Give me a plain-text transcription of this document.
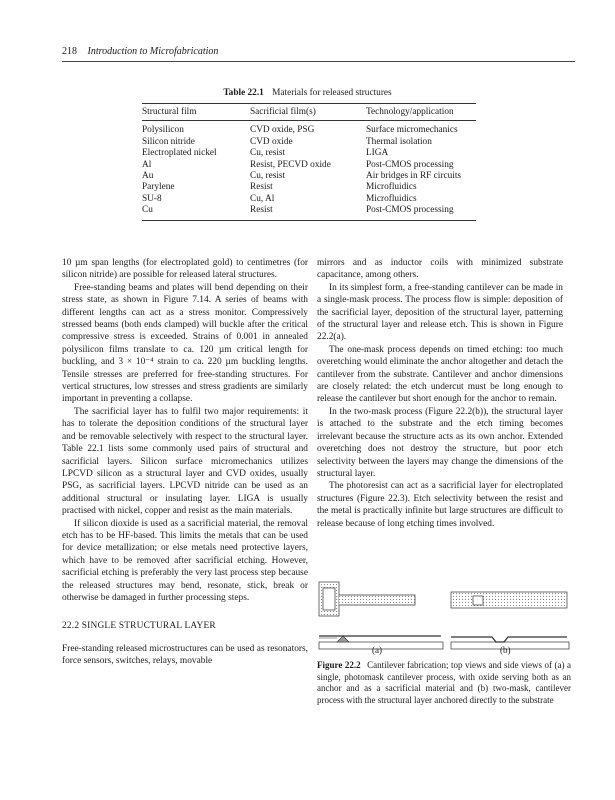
218 Introduction to Microfabrication
Table 22.1 Materials for released structures
Structural film	Sacrificial film(s)	Technology/application
Polysilicon	CVD oxide, PSG	Surface micromechanics
Silicon nitride	CVD oxide	Thermal isolation
Electroplated nickel	Cu, resist	LIGA
Al	Resist, PECVD oxide	Post-CMOS processing
Au	Cu, resist	Air bridges in RF circuits
Parylene	Resist	Microfluidics
SU-8	Cu, Al	Microfluidics
Cu	Resist	Post-CMOS processing

10 µm span lengths (for electroplated gold) to centimetres (for silicon nitride) are possible for released lateral structures.

Free-standing beams and plates will bend depending on their stress state, as shown in Figure 7.14. A series of beams with different lengths can act as a stress monitor. Compressively stressed beams (both ends clamped) will buckle after the critical compressive stress is exceeded. Strains of 0.001 in annealed polysilicon films translate to ca. 120 µm critical length for buckling, and 3 × 10⁻⁴ strain to ca. 220 µm buckling lengths. Tensile stresses are preferred for free-standing structures. For vertical structures, low stresses and stress gradients are similarly important in preventing a collapse.

The sacrificial layer has to fulfil two major requirements: it has to tolerate the deposition conditions of the structural layer and be removable selectively with respect to the structural layer. Table 22.1 lists some commonly used pairs of structural and sacrificial layers. Silicon surface micromechanics utilizes LPCVD silicon as a structural layer and CVD oxides, usually PSG, as sacrificial layers. LPCVD nitride can be used as an additional structural or insulating layer. LIGA is usually practised with nickel, copper and resist as the main materials.

If silicon dioxide is used as a sacrificial material, the removal etch has to be HF-based. This limits the metals that can be used for device metallization; or else metals need protective layers, which have to be removed after sacrificial etching. However, sacrificial etching is preferably the very last process step because the released structures may bend, resonate, stick, break or otherwise be damaged in further processing steps.

22.2 SINGLE STRUCTURAL LAYER

Free-standing released microstructures can be used as resonators, force sensors, switches, relays, movable

mirrors and as inductor coils with minimized substrate capacitance, among others.

In its simplest form, a free-standing cantilever can be made in a single-mask process. The process flow is simple: deposition of the sacrificial layer, deposition of the structural layer, patterning of the structural layer and release etch. This is shown in Figure 22.2(a).

The one-mask process depends on timed etching: too much overetching would eliminate the anchor altogether and detach the cantilever from the substrate. Cantilever and anchor dimensions are closely related: the etch undercut must be long enough to release the cantilever but short enough for the anchor to remain.

In the two-mask process (Figure 22.2(b)), the structural layer is attached to the substrate and the etch timing becomes irrelevant because the structure acts as its own anchor. Extended overetching does not destroy the structure, but poor etch selectivity between the layers may change the dimensions of the structural layer.

The photoresist can act as a sacrificial layer for electroplated structures (Figure 22.3). Etch selectivity between the resist and the metal is practically infinite but large structures are difficult to release because of long etching times involved.

(a)	(b)
Figure 22.2 Cantilever fabrication; top views and side views of (a) a single, photomask cantilever process, with oxide serving both as an anchor and as a sacrificial material and (b) two-mask, cantilever process with the structural layer anchored directly to the substrate
